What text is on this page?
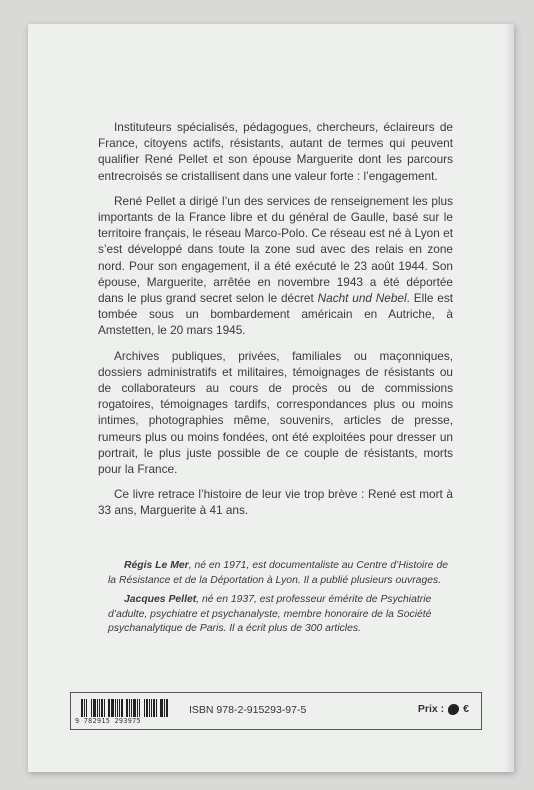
Instituteurs spécialisés, pédagogues, chercheurs, éclaireurs de France, citoyens actifs, résistants, autant de termes qui peuvent qualifier René Pellet et son épouse Marguerite dont les parcours entrecroisés se cristallisent dans une valeur forte : l’engagement.

René Pellet a dirigé l’un des services de renseignement les plus importants de la France libre et du général de Gaulle, basé sur le territoire français, le réseau Marco-Polo. Ce réseau est né à Lyon et s’est développé dans toute la zone sud avec des relais en zone nord. Pour son engagement, il a été exécuté le 23 août 1944. Son épouse, Marguerite, arrêtée en novembre 1943 a été déportée dans le plus grand secret selon le décret Nacht und Nebel. Elle est tombée sous un bombardement américain en Autriche, à Amstetten, le 20 mars 1945.

Archives publiques, privées, familiales ou maçonniques, dossiers administratifs et militaires, témoignages de résistants ou de collaborateurs au cours de procès ou de commissions rogatoires, témoignages tardifs, correspondances plus ou moins intimes, photographies même, souvenirs, articles de presse, rumeurs plus ou moins fondées, ont été exploitées pour dresser un portrait, le plus juste possible de ce couple de résistants, morts pour la France.

Ce livre retrace l’histoire de leur vie trop brève : René est mort à 33 ans, Marguerite à 41 ans.

Régis Le Mer, né en 1971, est documentaliste au Centre d’Histoire de la Résistance et de la Déportation à Lyon. Il a publié plusieurs ouvrages.

Jacques Pellet, né en 1937, est professeur émérite de Psychiatrie d’adulte, psychiatre et psychanalyste, membre honoraire de la Société psychanalytique de Paris. Il a écrit plus de 300 articles.

9 782915 293975
ISBN 978-2-915293-97-5	Prix : €
